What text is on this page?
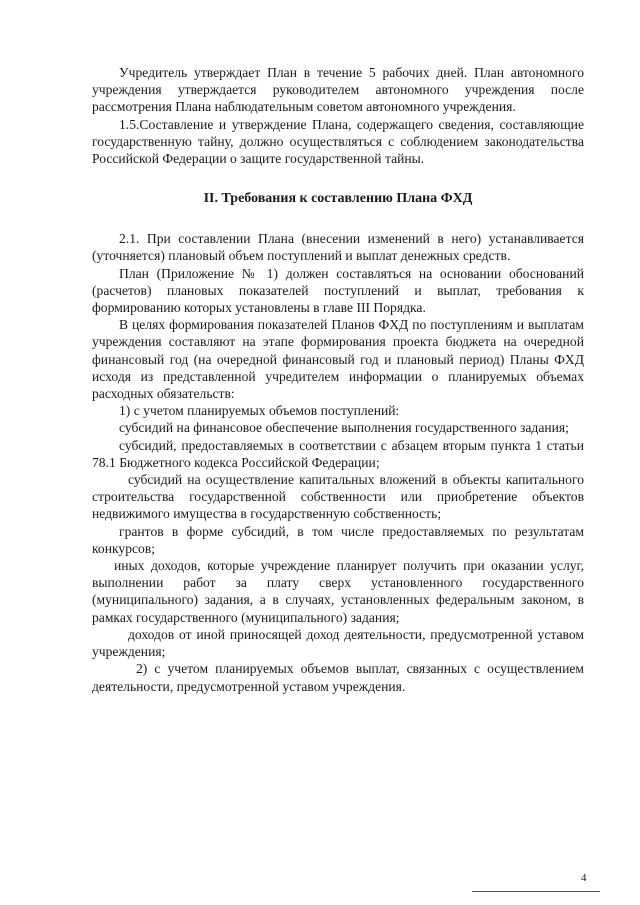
Учредитель утверждает План в течение 5 рабочих дней. План автономного учреждения утверждается руководителем автономного учреждения после рассмотрения Плана наблюдательным советом автономного учреждения.

1.5.Составление и утверждение Плана, содержащего сведения, составляющие государственную тайну, должно осуществляться с соблюдением законодательства Российской Федерации о защите государственной тайны.

II. Требования к составлению Плана ФХД

2.1. При составлении Плана (внесении изменений в него) устанавливается (уточняется) плановый объем поступлений и выплат денежных средств.

План (Приложение № 1) должен составляться на основании обоснований (расчетов) плановых показателей поступлений и выплат, требования к формированию которых установлены в главе III Порядка.

В целях формирования показателей Планов ФХД по поступлениям и выплатам учреждения составляют на этапе формирования проекта бюджета на очередной финансовый год (на очередной финансовый год и плановый период) Планы ФХД исходя из представленной учредителем информации о планируемых объемах расходных обязательств:

1) с учетом планируемых объемов поступлений:

субсидий на финансовое обеспечение выполнения государственного задания;

субсидий, предоставляемых в соответствии с абзацем вторым пункта 1 статьи 78.1 Бюджетного кодекса Российской Федерации;

субсидий на осуществление капитальных вложений в объекты капитального строительства государственной собственности или приобретение объектов недвижимого имущества в государственную собственность;

грантов в форме субсидий, в том числе предоставляемых по результатам конкурсов;

иных доходов, которые учреждение планирует получить при оказании услуг, выполнении работ за плату сверх установленного государственного (муниципального) задания, а в случаях, установленных федеральным законом, в рамках государственного (муниципального) задания;

доходов от иной приносящей доход деятельности, предусмотренной уставом учреждения;

2) с учетом планируемых объемов выплат, связанных с осуществлением деятельности, предусмотренной уставом учреждения.

4
